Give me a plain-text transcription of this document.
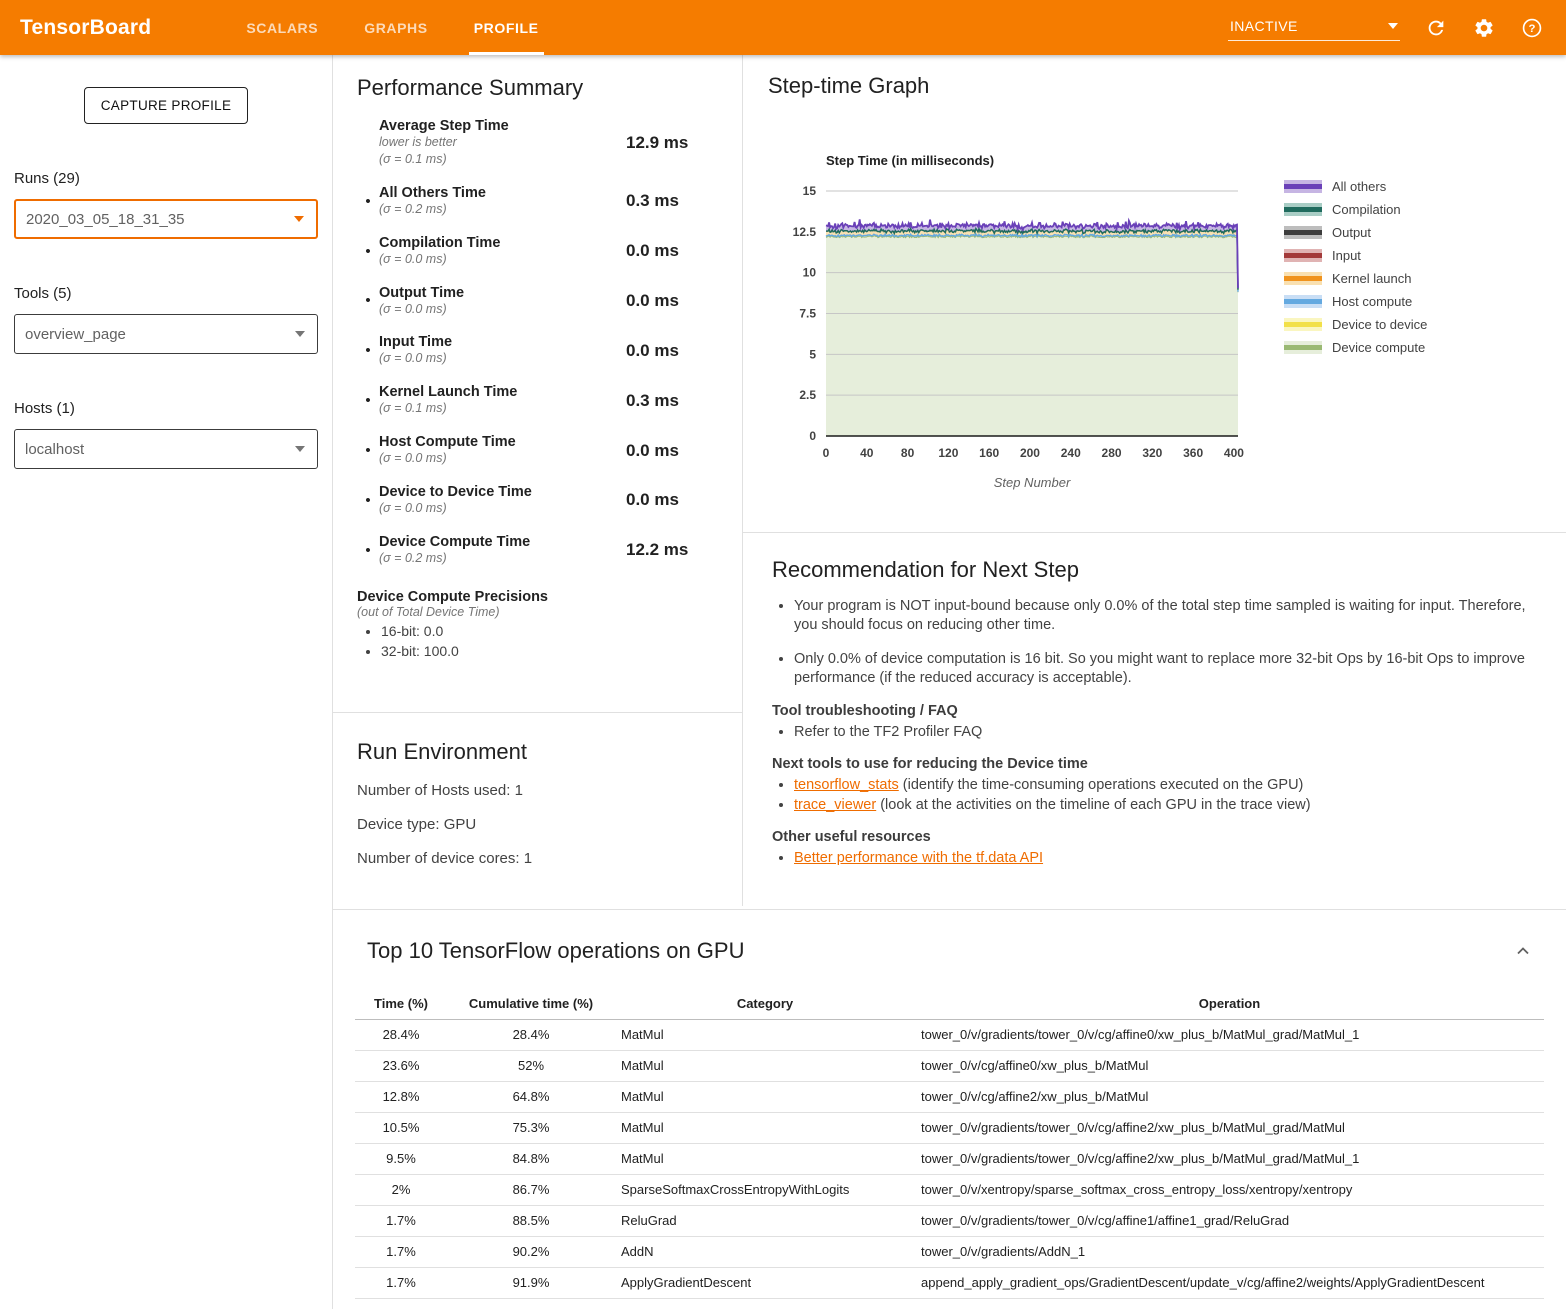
TensorBoard	SCALARS	GRAPHS	PROFILE	INACTIVE	?
CAPTURE PROFILE
Runs (29)
2020_03_05_18_31_35
Tools (5)
overview_page
Hosts (1)
localhost
Performance Summary
Average Step Time
lower is better
(σ = 0.1 ms)
12.9 ms
• All Others Time
(σ = 0.2 ms)	0.3 ms
• Compilation Time
(σ = 0.0 ms)	0.0 ms
• Output Time
(σ = 0.0 ms)	0.0 ms
• Input Time
(σ = 0.0 ms)	0.0 ms
• Kernel Launch Time
(σ = 0.1 ms)	0.3 ms
• Host Compute Time
(σ = 0.0 ms)	0.0 ms
• Device to Device Time
(σ = 0.0 ms)	0.0 ms
• Device Compute Time
(σ = 0.2 ms)	12.2 ms
Device Compute Precisions
(out of Total Device Time)
• 16-bit: 0.0
• 32-bit: 100.0
Run Environment
Number of Hosts used: 1
Device type: GPU
Number of device cores: 1
Step-time Graph
Step Time (in milliseconds)
0
2.5
5
7.5
10
12.5
15
0	40 80 120 160 200 240 280 320 360 400
Step Number
All others
Compilation
Output
Input
Kernel launch
Host compute
Device to device
Device compute
Recommendation for Next Step
• Your program is NOT input-bound because only 0.0% of the total step time sampled is waiting for input. Therefore, you should focus on reducing other time.
• Only 0.0% of device computation is 16 bit. So you might want to replace more 32-bit Ops by 16-bit Ops to improve performance (if the reduced accuracy is acceptable).
Tool troubleshooting / FAQ
• Refer to the TF2 Profiler FAQ
Next tools to use for reducing the Device time
• tensorflow_stats (identify the time-consuming operations executed on the GPU)
• trace_viewer (look at the activities on the timeline of each GPU in the trace view)
Other useful resources
• Better performance with the tf.data API
Top 10 TensorFlow operations on GPU
Time (%)	Cumulative time (%)	Category	Operation
28.4%	28.4%	MatMul	tower_0/v/gradients/tower_0/v/cg/affine0/xw_plus_b/MatMul_grad/MatMul_1
23.6%	52%	MatMul	tower_0/v/cg/affine0/xw_plus_b/MatMul
12.8%	64.8%	MatMul	tower_0/v/cg/affine2/xw_plus_b/MatMul
10.5%	75.3%	MatMul	tower_0/v/gradients/tower_0/v/cg/affine2/xw_plus_b/MatMul_grad/MatMul
9.5%	84.8%	MatMul	tower_0/v/gradients/tower_0/v/cg/affine2/xw_plus_b/MatMul_grad/MatMul_1
2%	86.7%	SparseSoftmaxCrossEntropyWithLogits	tower_0/v/xentropy/sparse_softmax_cross_entropy_loss/xentropy/xentropy
1.7%	88.5%	ReluGrad	tower_0/v/gradients/tower_0/v/cg/affine1/affine1_grad/ReluGrad
1.7%	90.2%	AddN	tower_0/v/gradients/AddN_1
1.7%	91.9%	ApplyGradientDescent	append_apply_gradient_ops/GradientDescent/update_v/cg/affine2/weights/ApplyGradientDescent
